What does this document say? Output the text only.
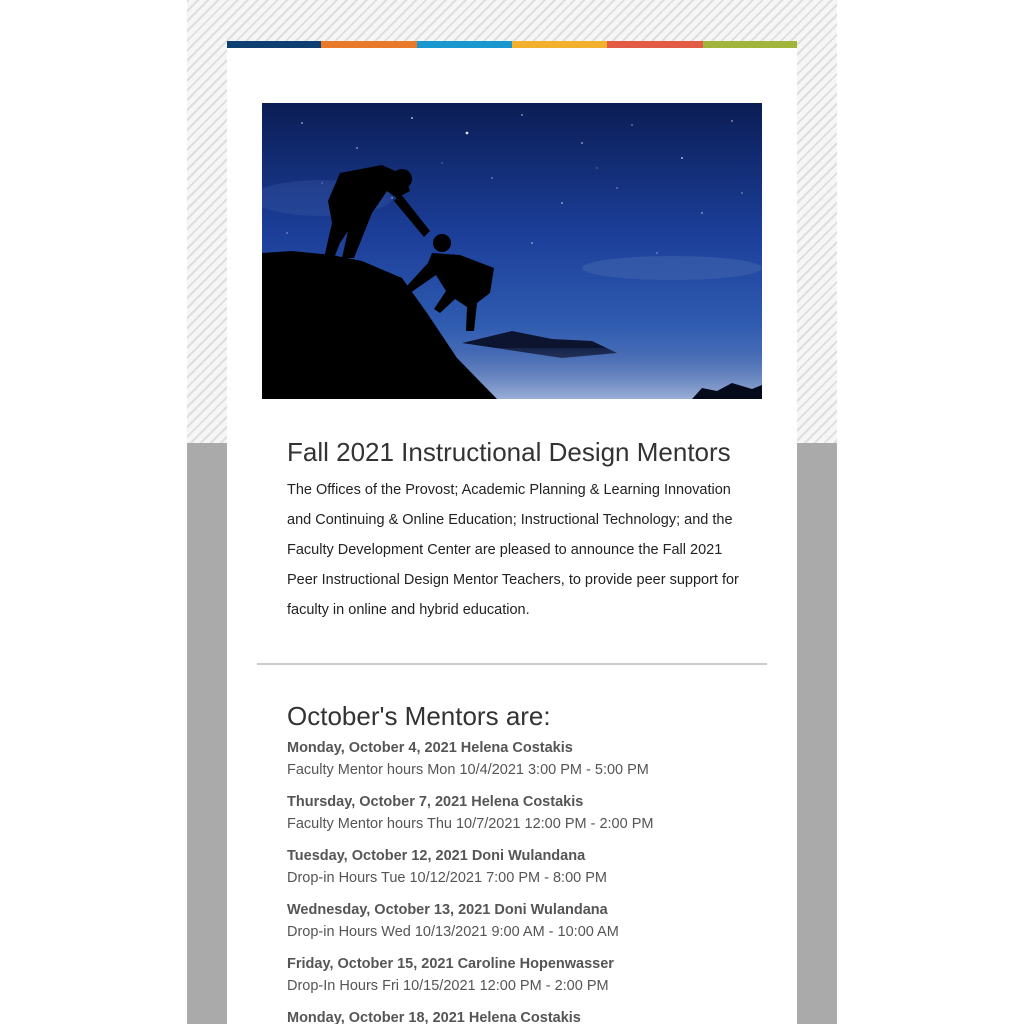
Fall 2021 Instructional Design Mentors

The Offices of the Provost; Academic Planning & Learning Innovation and Continuing & Online Education; Instructional Technology; and the Faculty Development Center are pleased to announce the Fall 2021 Peer Instructional Design Mentor Teachers, to provide peer support for faculty in online and hybrid education.

October's Mentors are:
Monday, October 4, 2021 Helena Costakis
Faculty Mentor hours Mon 10/4/2021 3:00 PM - 5:00 PM
Thursday, October 7, 2021 Helena Costakis
Faculty Mentor hours Thu 10/7/2021 12:00 PM - 2:00 PM
Tuesday, October 12, 2021 Doni Wulandana
Drop-in Hours Tue 10/12/2021 7:00 PM - 8:00 PM
Wednesday, October 13, 2021 Doni Wulandana
Drop-in Hours Wed 10/13/2021 9:00 AM - 10:00 AM
Friday, October 15, 2021 Caroline Hopenwasser
Drop-In Hours Fri 10/15/2021 12:00 PM - 2:00 PM
Monday, October 18, 2021 Helena Costakis
